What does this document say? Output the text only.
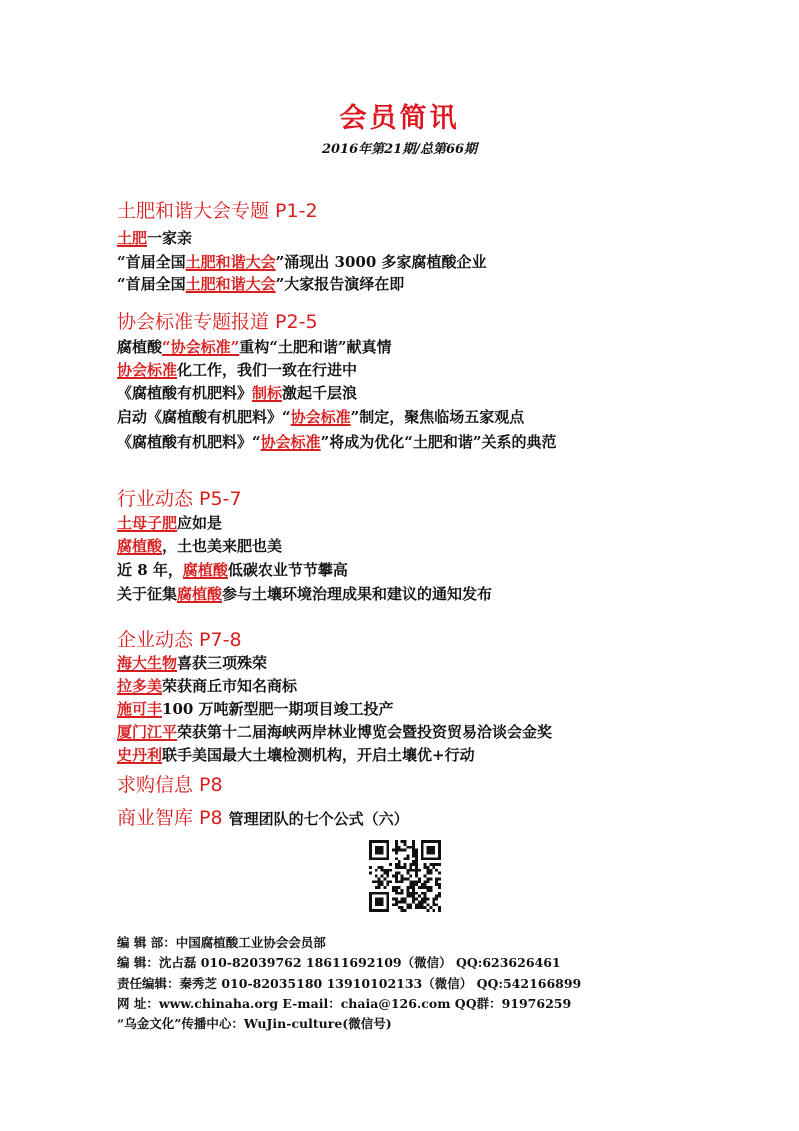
会员简讯
2016年第21期/总第66期
土肥和谐大会专题 P1-2
土肥一家亲
“首届全国土肥和谐大会”涌现出 3000 多家腐植酸企业
“首届全国土肥和谐大会”大家报告演绎在即
协会标准专题报道 P2-5
腐植酸“协会标准”重构“土肥和谐”献真情
协会标准化工作，我们一致在行进中
《腐植酸有机肥料》制标激起千层浪
启动《腐植酸有机肥料》“协会标准”制定，聚焦临场五家观点
《腐植酸有机肥料》“协会标准”将成为优化“土肥和谐”关系的典范
行业动态 P5-7
土母子肥应如是
腐植酸，土也美来肥也美
近 8 年，腐植酸低碳农业节节攀高
关于征集腐植酸参与土壤环境治理成果和建议的通知发布
企业动态 P7-8
海大生物喜获三项殊荣
拉多美荣获商丘市知名商标
施可丰100 万吨新型肥一期项目竣工投产
厦门江平荣获第十二届海峡两岸林业博览会暨投资贸易洽谈会金奖
史丹利联手美国最大土壤检测机构，开启土壤优+行动
求购信息 P8
商业智库 P8 管理团队的七个公式（六）
编 辑 部：中国腐植酸工业协会会员部
编 辑：沈占磊 010-82039762 18611692109（微信） QQ:623626461
责任编辑：秦秀芝 010-82035180 13910102133（微信） QQ:542166899
网 址：www.chinaha.org E-mail：chaia@126.com QQ群：91976259
“乌金文化”传播中心：WuJin-culture(微信号)
